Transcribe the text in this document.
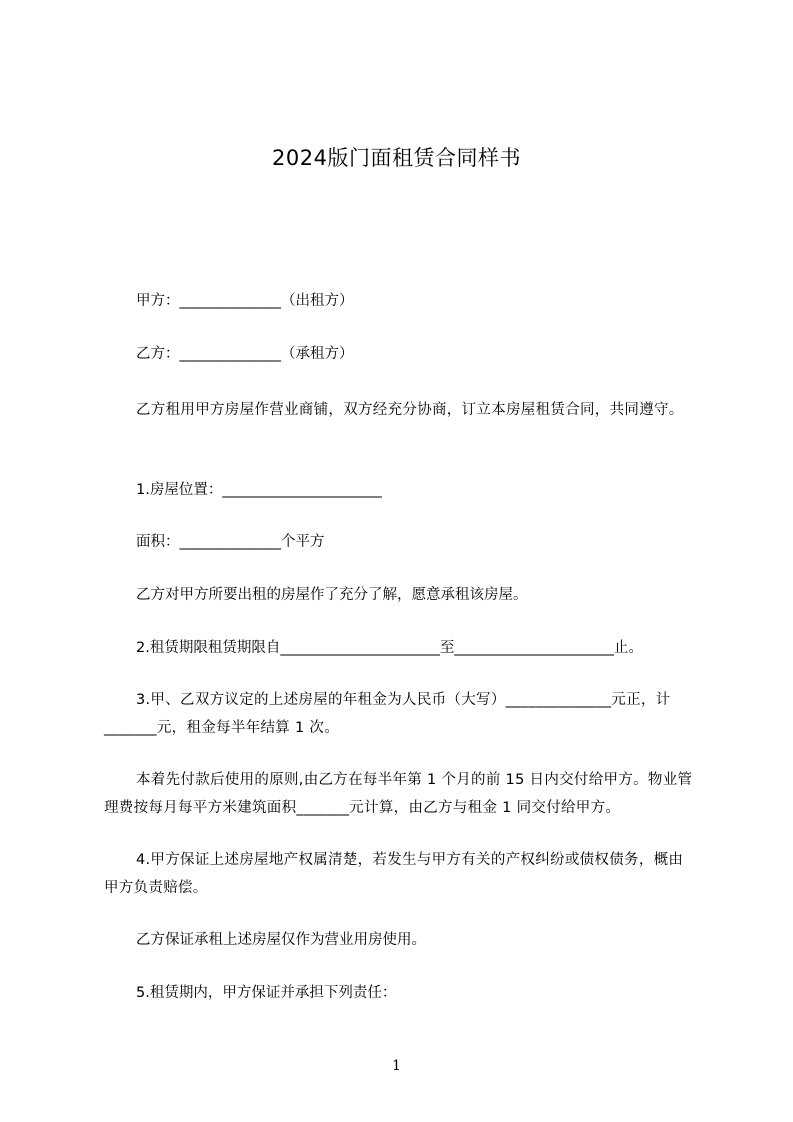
2024版门面租赁合同样书
甲方：______________（出租方）
乙方：______________（承租方）
乙方租用甲方房屋作营业商铺，双方经充分协商，订立本房屋租赁合同，共同遵守。
1.房屋位置：______________________
面积：______________个平方
乙方对甲方所要出租的房屋作了充分了解，愿意承租该房屋。
2.租赁期限租赁期限自______________________至______________________止。
3.甲、乙双方议定的上述房屋的年租金为人民币（大写）______________元正，计_______元，租金每半年结算 1 次。
本着先付款后使用的原则,由乙方在每半年第 1 个月的前 15 日内交付给甲方。物业管理费按每月每平方米建筑面积_______元计算，由乙方与租金 1 同交付给甲方。
4.甲方保证上述房屋地产权属清楚，若发生与甲方有关的产权纠纷或债权债务，概由甲方负责赔偿。
乙方保证承租上述房屋仅作为营业用房使用。
5.租赁期内，甲方保证并承担下列责任：
1
